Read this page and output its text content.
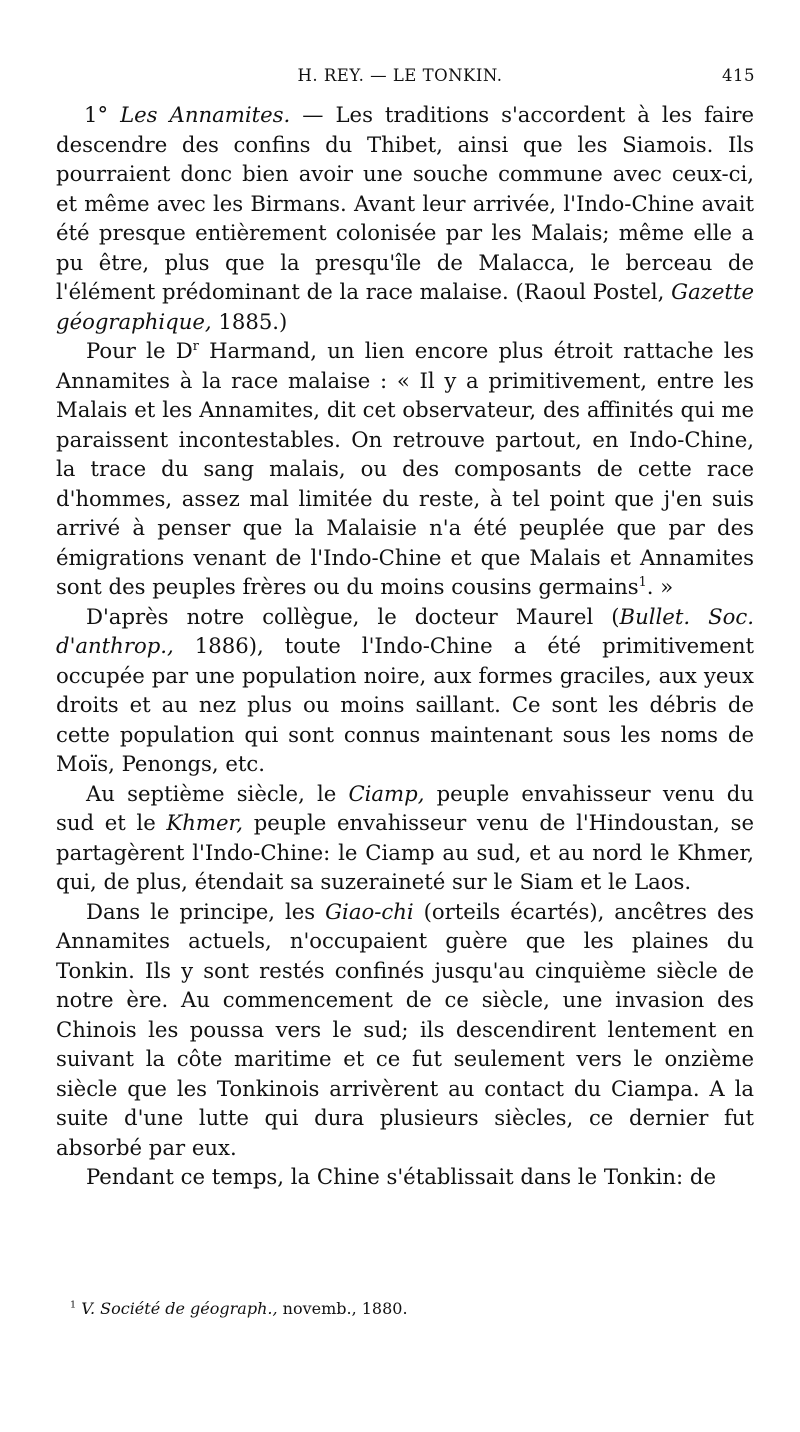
H. REY. — LE TONKIN.	415

1° Les Annamites. — Les traditions s'accordent à les faire descendre des confins du Thibet, ainsi que les Siamois. Ils pourraient donc bien avoir une souche commune avec ceux-ci, et même avec les Birmans. Avant leur arrivée, l'Indo-Chine avait été presque entièrement colonisée par les Malais; même elle a pu être, plus que la presqu'île de Malacca, le berceau de l'élément prédominant de la race malaise. (Raoul Postel, Gazette géographique, 1885.)

Pour le $D^r$ Harmand, un lien encore plus étroit rattache les Annamites à la race malaise : « Il y a primitivement, entre les Malais et les Annamites, dit cet observateur, des affinités qui me paraissent incontestables. On retrouve partout, en Indo-Chine, la trace du sang malais, ou des composants de cette race d'hommes, assez mal limitée du reste, à tel point que j'en suis arrivé à penser que la Malaisie n'a été peuplée que par des émigrations venant de l'Indo-Chine et que Malais et Annamites sont des peuples frères ou du moins cousins germains$^1$. »

D'après notre collègue, le docteur Maurel (Bullet. Soc. d'anthrop., 1886), toute l'Indo-Chine a été primitivement occupée par une population noire, aux formes graciles, aux yeux droits et au nez plus ou moins saillant. Ce sont les débris de cette population qui sont connus maintenant sous les noms de Moïs, Penongs, etc.

Au septième siècle, le Ciamp, peuple envahisseur venu du sud et le Khmer, peuple envahisseur venu de l'Hindoustan, se partagèrent l'Indo-Chine: le Ciamp au sud, et au nord le Khmer, qui, de plus, étendait sa suzeraineté sur le Siam et le Laos.

Dans le principe, les Giao-chi (orteils écartés), ancêtres des Annamites actuels, n'occupaient guère que les plaines du Tonkin. Ils y sont restés confinés jusqu'au cinquième siècle de notre ère. Au commencement de ce siècle, une invasion des Chinois les poussa vers le sud; ils descendirent lentement en suivant la côte maritime et ce fut seulement vers le onzième siècle que les Tonkinois arrivèrent au contact du Ciampa. A la suite d'une lutte qui dura plusieurs siècles, ce dernier fut absorbé par eux.

Pendant ce temps, la Chine s'établissait dans le Tonkin: de

$^1$ V. Société de géograph., novemb., 1880.
